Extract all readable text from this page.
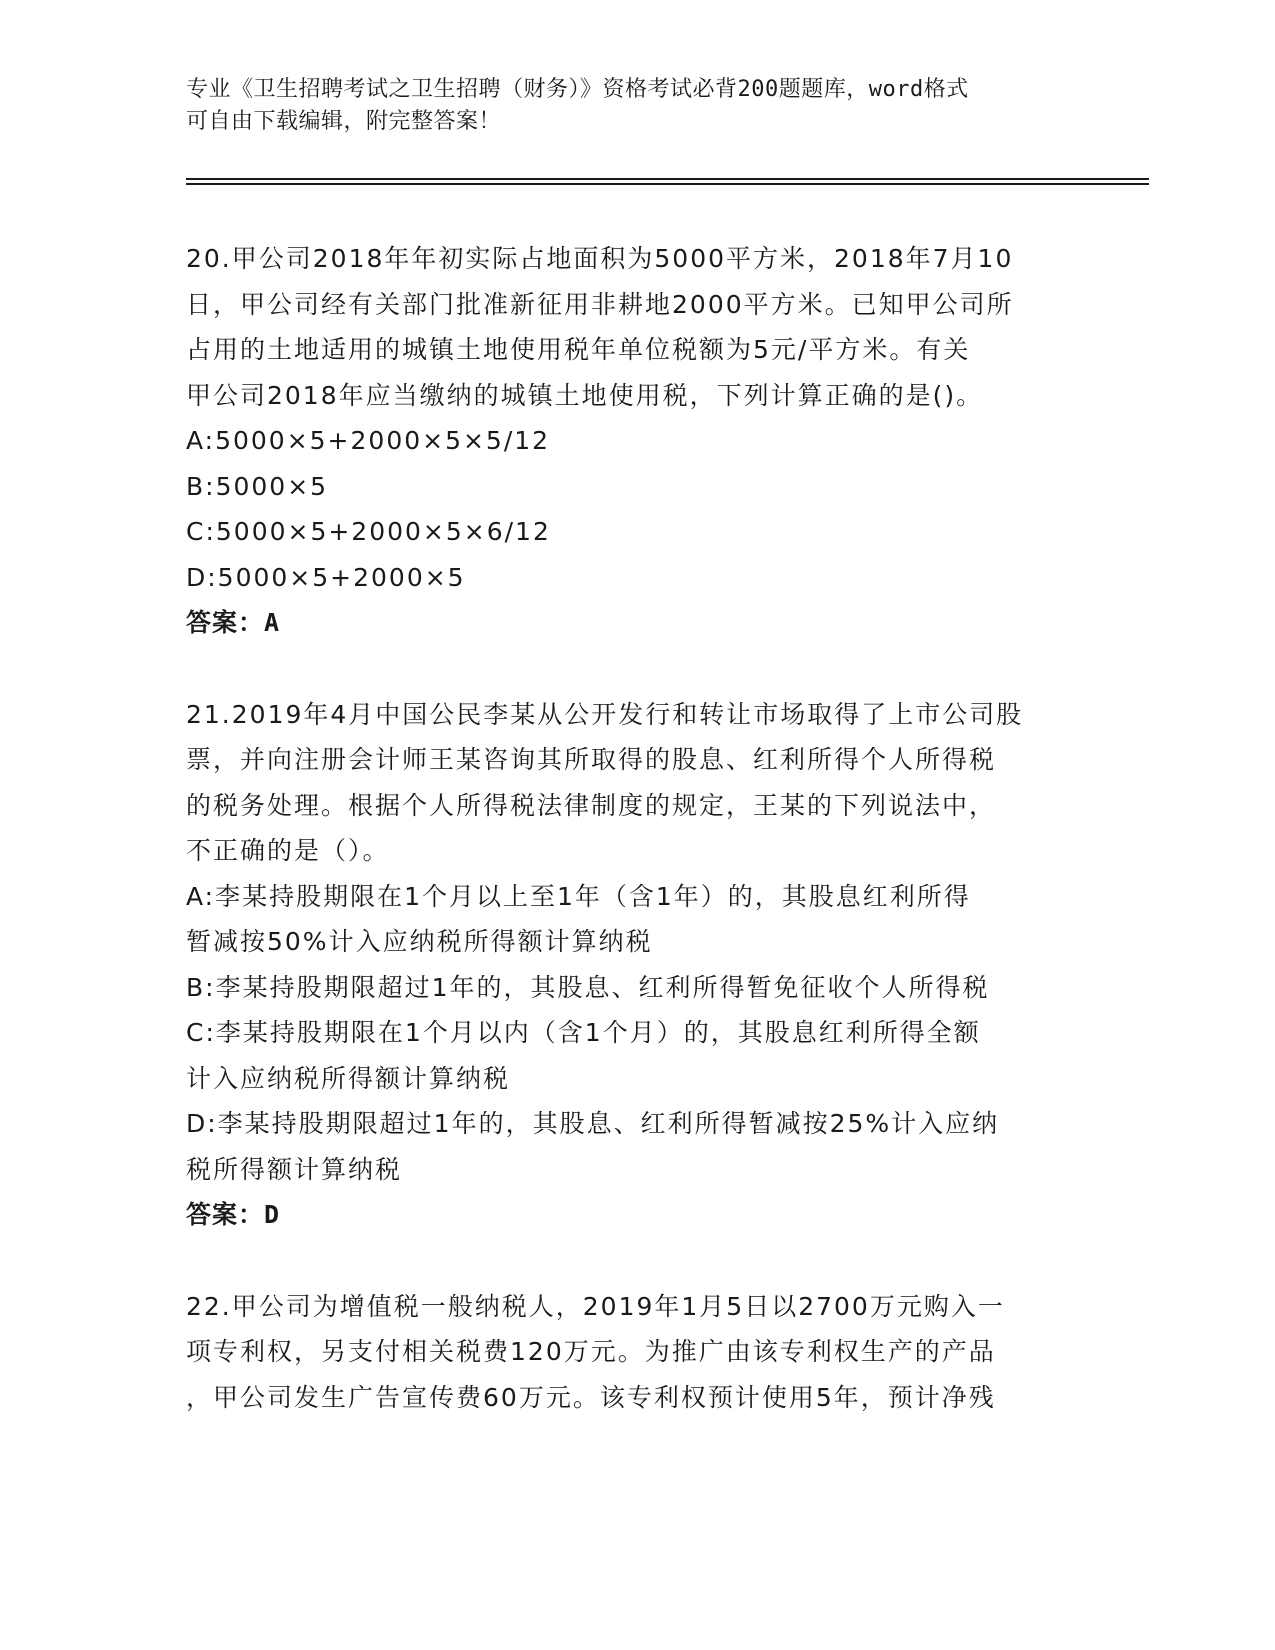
专业《卫生招聘考试之卫生招聘（财务）》资格考试必背200题题库，word格式
可自由下载编辑，附完整答案！
20.甲公司2018年年初实际占地面积为5000平方米，2018年7月10
日，甲公司经有关部门批准新征用非耕地2000平方米。已知甲公司所
占用的土地适用的城镇土地使用税年单位税额为5元/平方米。有关
甲公司2018年应当缴纳的城镇土地使用税，下列计算正确的是()。
A:5000×5+2000×5×5/12
B:5000×5
C:5000×5+2000×5×6/12
D:5000×5+2000×5
答案：A
21.2019年4月中国公民李某从公开发行和转让市场取得了上市公司股
票，并向注册会计师王某咨询其所取得的股息、红利所得个人所得税
的税务处理。根据个人所得税法律制度的规定，王某的下列说法中，
不正确的是（）。
A:李某持股期限在1个月以上至1年（含1年）的，其股息红利所得
暂减按50%计入应纳税所得额计算纳税
B:李某持股期限超过1年的，其股息、红利所得暂免征收个人所得税
C:李某持股期限在1个月以内（含1个月）的，其股息红利所得全额
计入应纳税所得额计算纳税
D:李某持股期限超过1年的，其股息、红利所得暂减按25%计入应纳
税所得额计算纳税
答案：D
22.甲公司为增值税一般纳税人，2019年1月5日以2700万元购入一
项专利权，另支付相关税费120万元。为推广由该专利权生产的产品
，甲公司发生广告宣传费60万元。该专利权预计使用5年，预计净残
